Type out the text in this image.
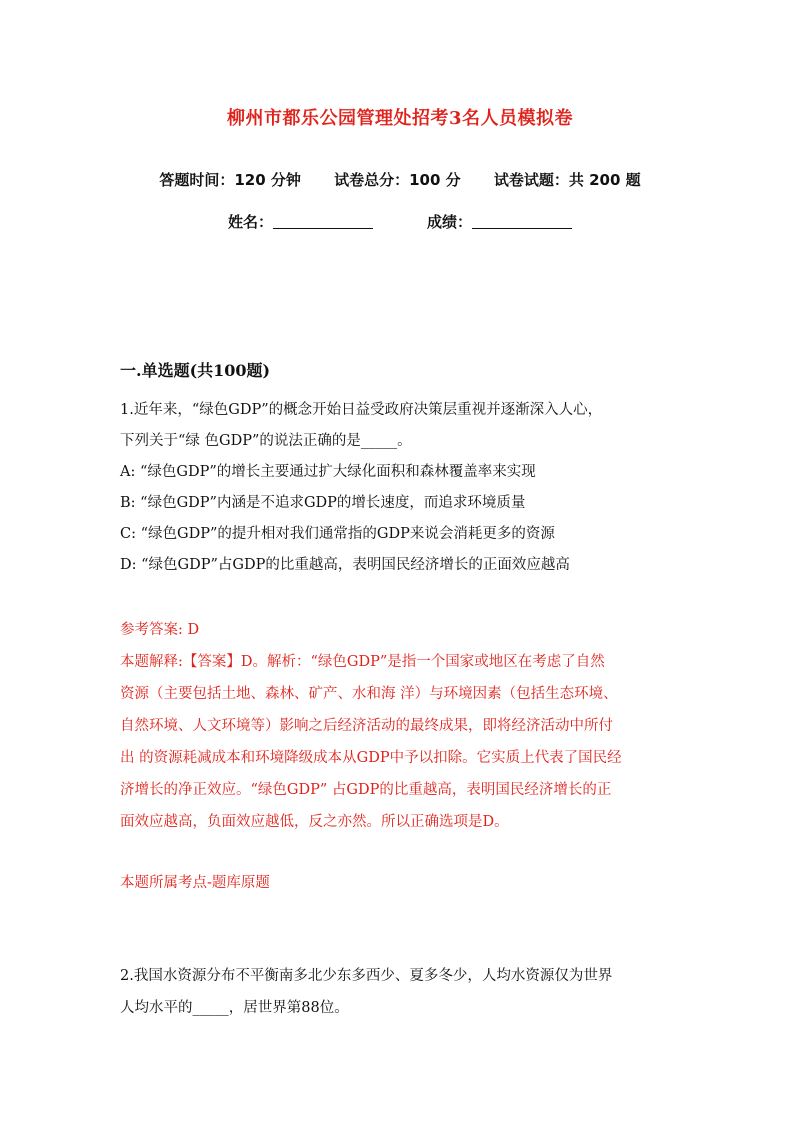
柳州市都乐公园管理处招考3名人员模拟卷
答题时间：120 分钟 试卷总分：100 分 试卷试题：共 200 题
姓名：	成绩：
一.单选题(共100题)
1.近年来，“绿色GDP”的概念开始日益受政府决策层重视并逐渐深入人心，
下列关于“绿 色GDP”的说法正确的是_____。
A: “绿色GDP”的增长主要通过扩大绿化面积和森林覆盖率来实现
B: “绿色GDP”内涵是不追求GDP的增长速度，而追求环境质量
C: “绿色GDP”的提升相对我们通常指的GDP来说会消耗更多的资源
D: “绿色GDP”占GDP的比重越高，表明国民经济增长的正面效应越高
参考答案: D
本题解释:【答案】D。解析：“绿色GDP”是指一个国家或地区在考虑了自然
资源（主要包括土地、森林、矿产、水和海 洋）与环境因素（包括生态环境、
自然环境、人文环境等）影响之后经济活动的最终成果，即将经济活动中所付
出 的资源耗减成本和环境降级成本从GDP中予以扣除。它实质上代表了国民经
济增长的净正效应。“绿色GDP” 占GDP的比重越高，表明国民经济增长的正
面效应越高，负面效应越低，反之亦然。所以正确选项是D。
本题所属考点-题库原题
2.我国水资源分布不平衡南多北少东多西少、夏多冬少，人均水资源仅为世界
人均水平的_____，居世界第88位。
